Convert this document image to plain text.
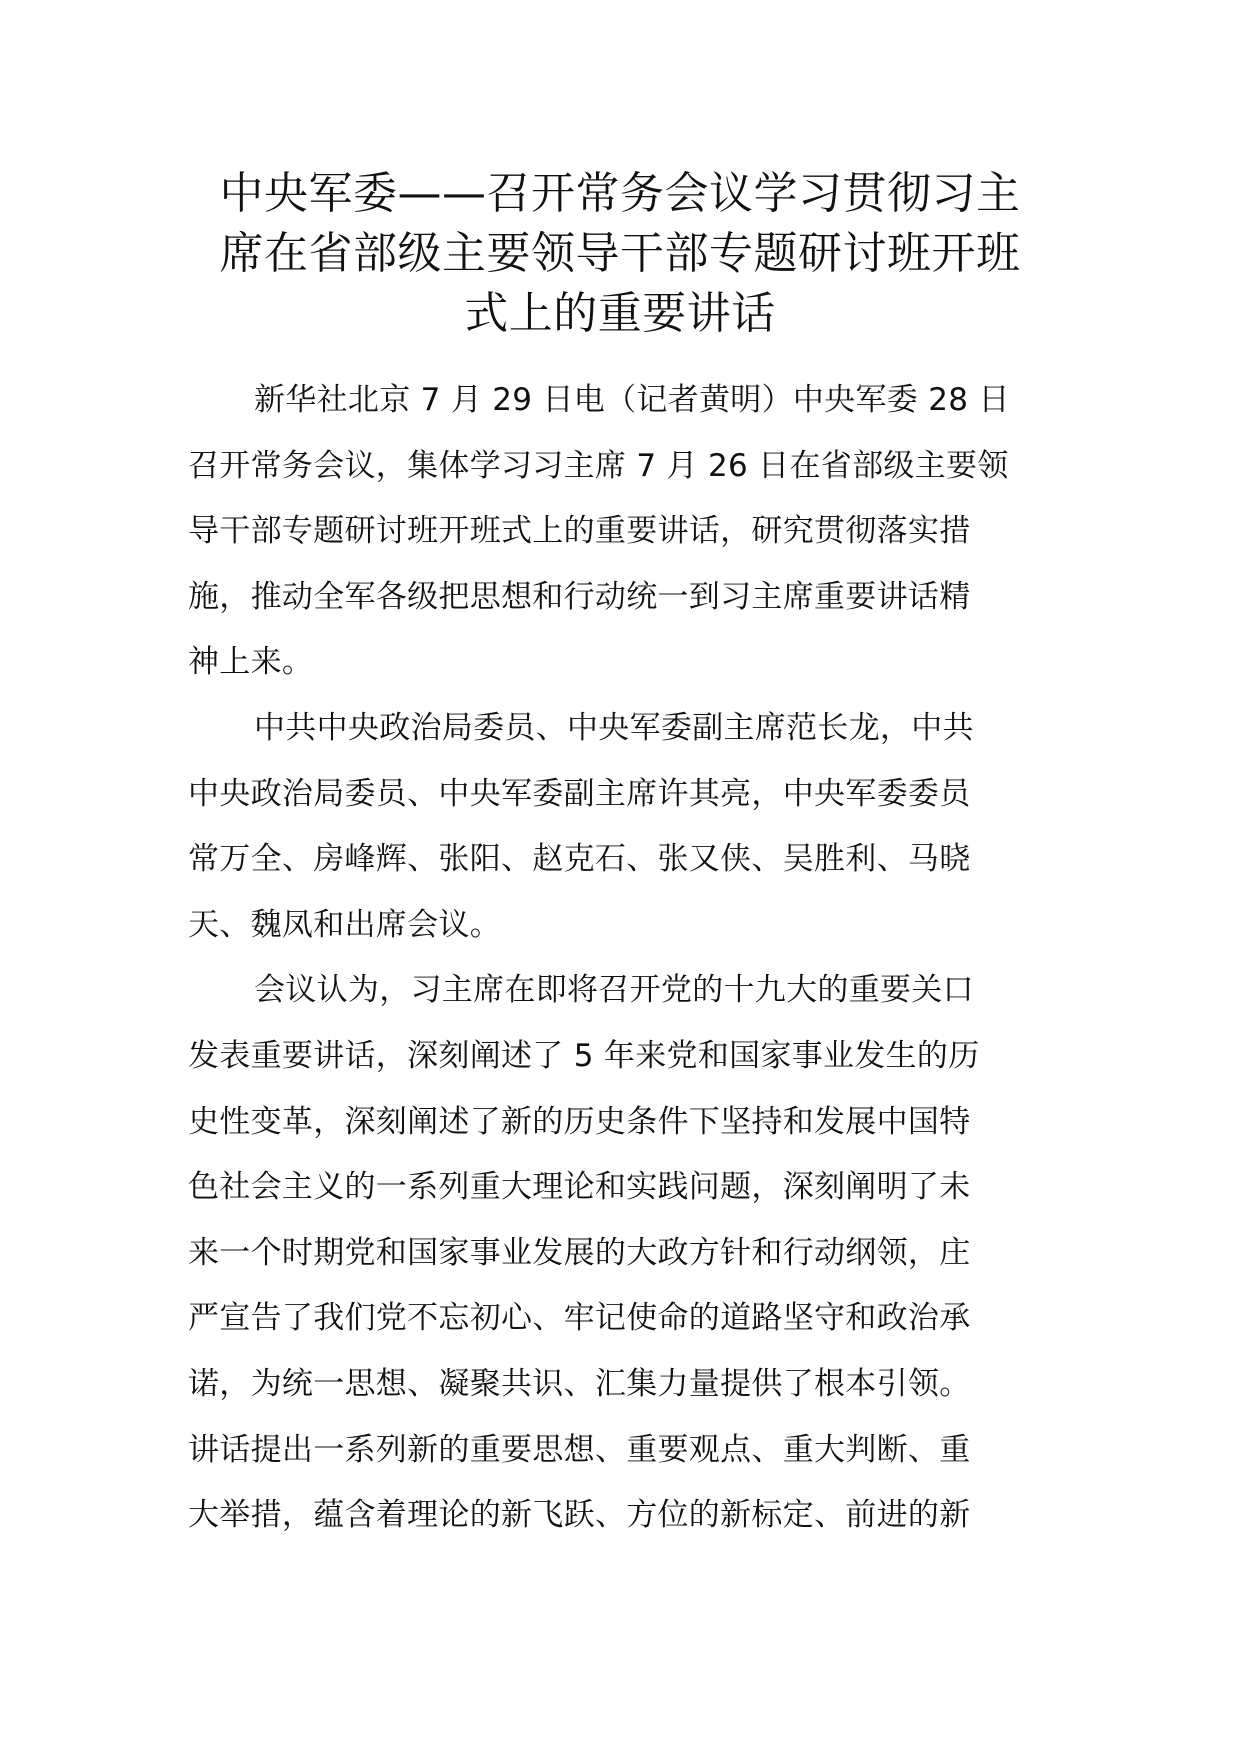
中央军委——召开常务会议学习贯彻习主
席在省部级主要领导干部专题研讨班开班
式上的重要讲话
新华社北京 7 月 29 日电（记者黄明）中央军委 28 日
召开常务会议，集体学习习主席 7 月 26 日在省部级主要领
导干部专题研讨班开班式上的重要讲话，研究贯彻落实措
施，推动全军各级把思想和行动统一到习主席重要讲话精
神上来。
中共中央政治局委员、中央军委副主席范长龙，中共
中央政治局委员、中央军委副主席许其亮，中央军委委员
常万全、房峰辉、张阳、赵克石、张又侠、吴胜利、马晓
天、魏凤和出席会议。
会议认为，习主席在即将召开党的十九大的重要关口
发表重要讲话，深刻阐述了 5 年来党和国家事业发生的历
史性变革，深刻阐述了新的历史条件下坚持和发展中国特
色社会主义的一系列重大理论和实践问题，深刻阐明了未
来一个时期党和国家事业发展的大政方针和行动纲领，庄
严宣告了我们党不忘初心、牢记使命的道路坚守和政治承
诺，为统一思想、凝聚共识、汇集力量提供了根本引领。
讲话提出一系列新的重要思想、重要观点、重大判断、重
大举措，蕴含着理论的新飞跃、方位的新标定、前进的新
